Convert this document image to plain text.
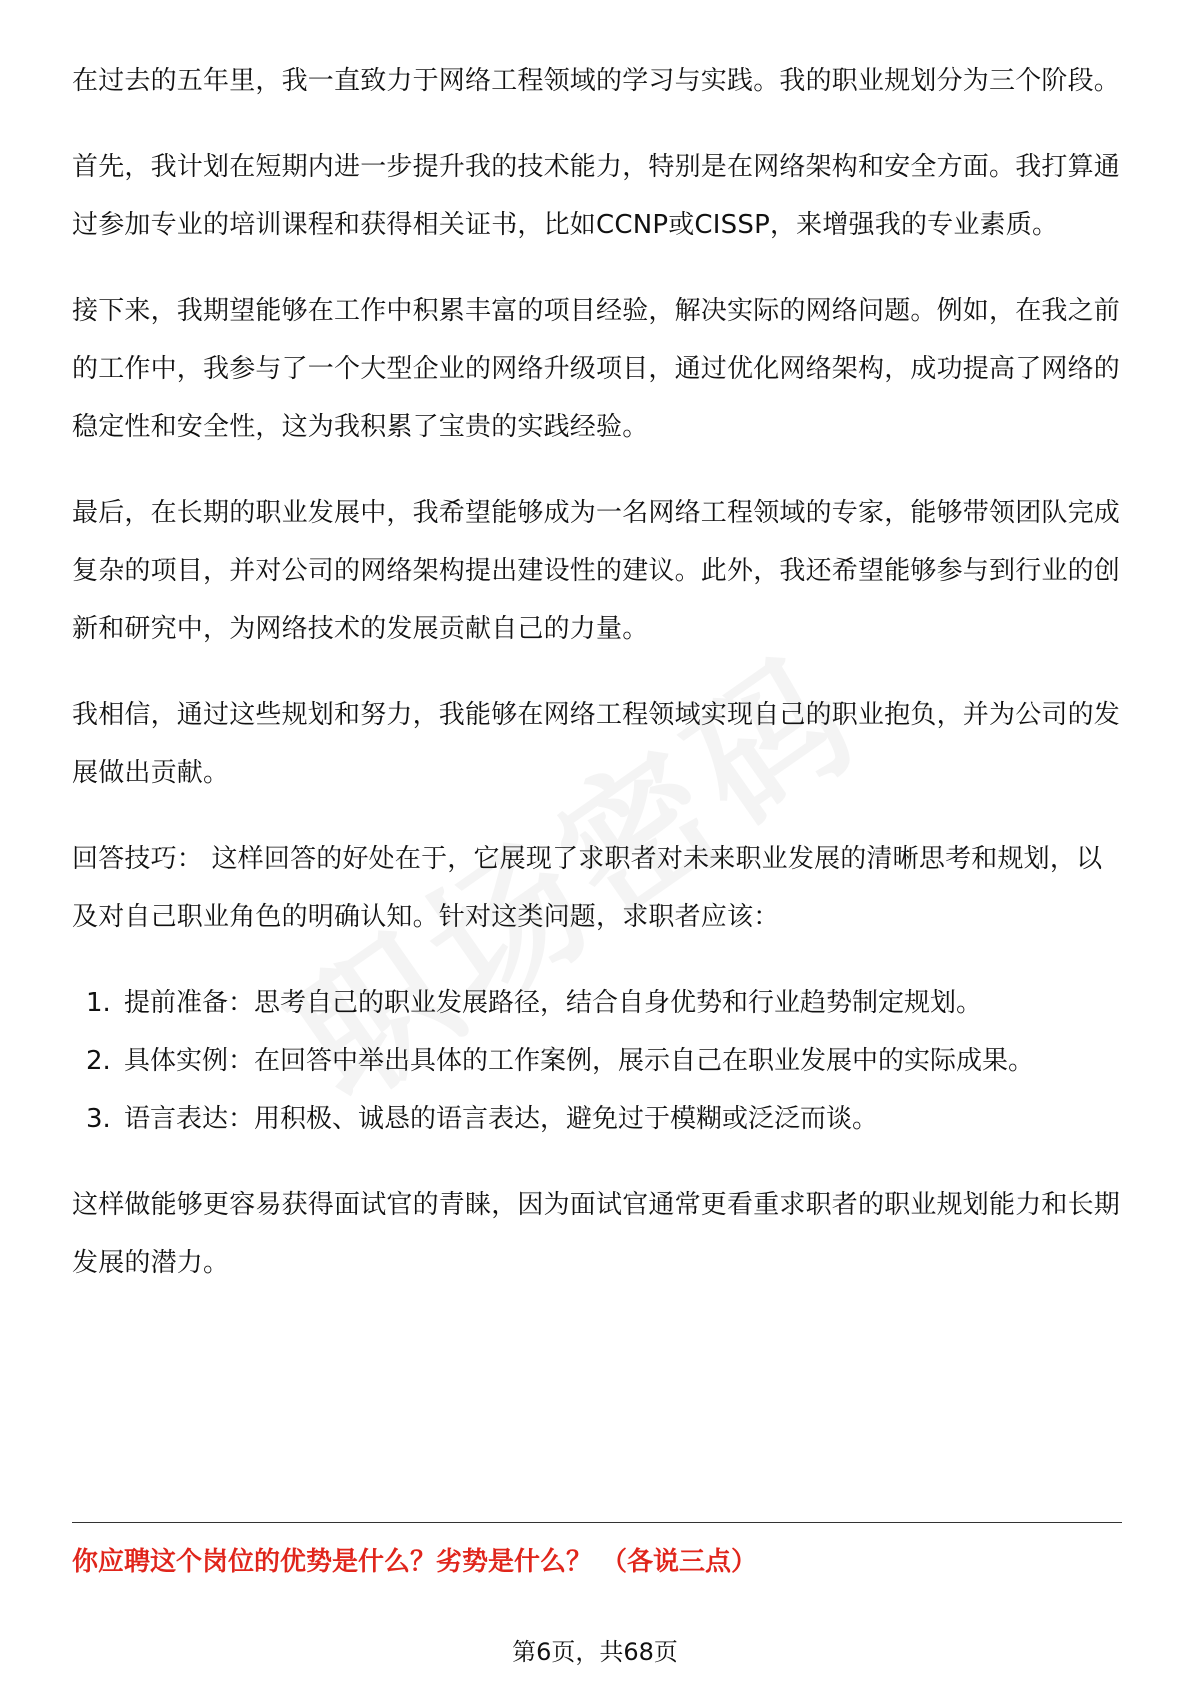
在过去的五年里，我一直致力于网络工程领域的学习与实践。我的职业规划分为三个阶段。

首先，我计划在短期内进一步提升我的技术能力，特别是在网络架构和安全方面。我打算通过参加专业的培训课程和获得相关证书，比如CCNP或CISSP，来增强我的专业素质。

接下来，我期望能够在工作中积累丰富的项目经验，解决实际的网络问题。例如，在我之前的工作中，我参与了一个大型企业的网络升级项目，通过优化网络架构，成功提高了网络的稳定性和安全性，这为我积累了宝贵的实践经验。

最后，在长期的职业发展中，我希望能够成为一名网络工程领域的专家，能够带领团队完成复杂的项目，并对公司的网络架构提出建设性的建议。此外，我还希望能够参与到行业的创新和研究中，为网络技术的发展贡献自己的力量。

我相信，通过这些规划和努力，我能够在网络工程领域实现自己的职业抱负，并为公司的发展做出贡献。

回答技巧： 这样回答的好处在于，它展现了求职者对未来职业发展的清晰思考和规划，以及对自己职业角色的明确认知。针对这类问题，求职者应该：

1. 提前准备：思考自己的职业发展路径，结合自身优势和行业趋势制定规划。
2. 具体实例：在回答中举出具体的工作案例，展示自己在职业发展中的实际成果。
3. 语言表达：用积极、诚恳的语言表达，避免过于模糊或泛泛而谈。

这样做能够更容易获得面试官的青睐，因为面试官通常更看重求职者的职业规划能力和长期发展的潜力。

你应聘这个岗位的优势是什么？劣势是什么？ （各说三点）
第6页，共68页
